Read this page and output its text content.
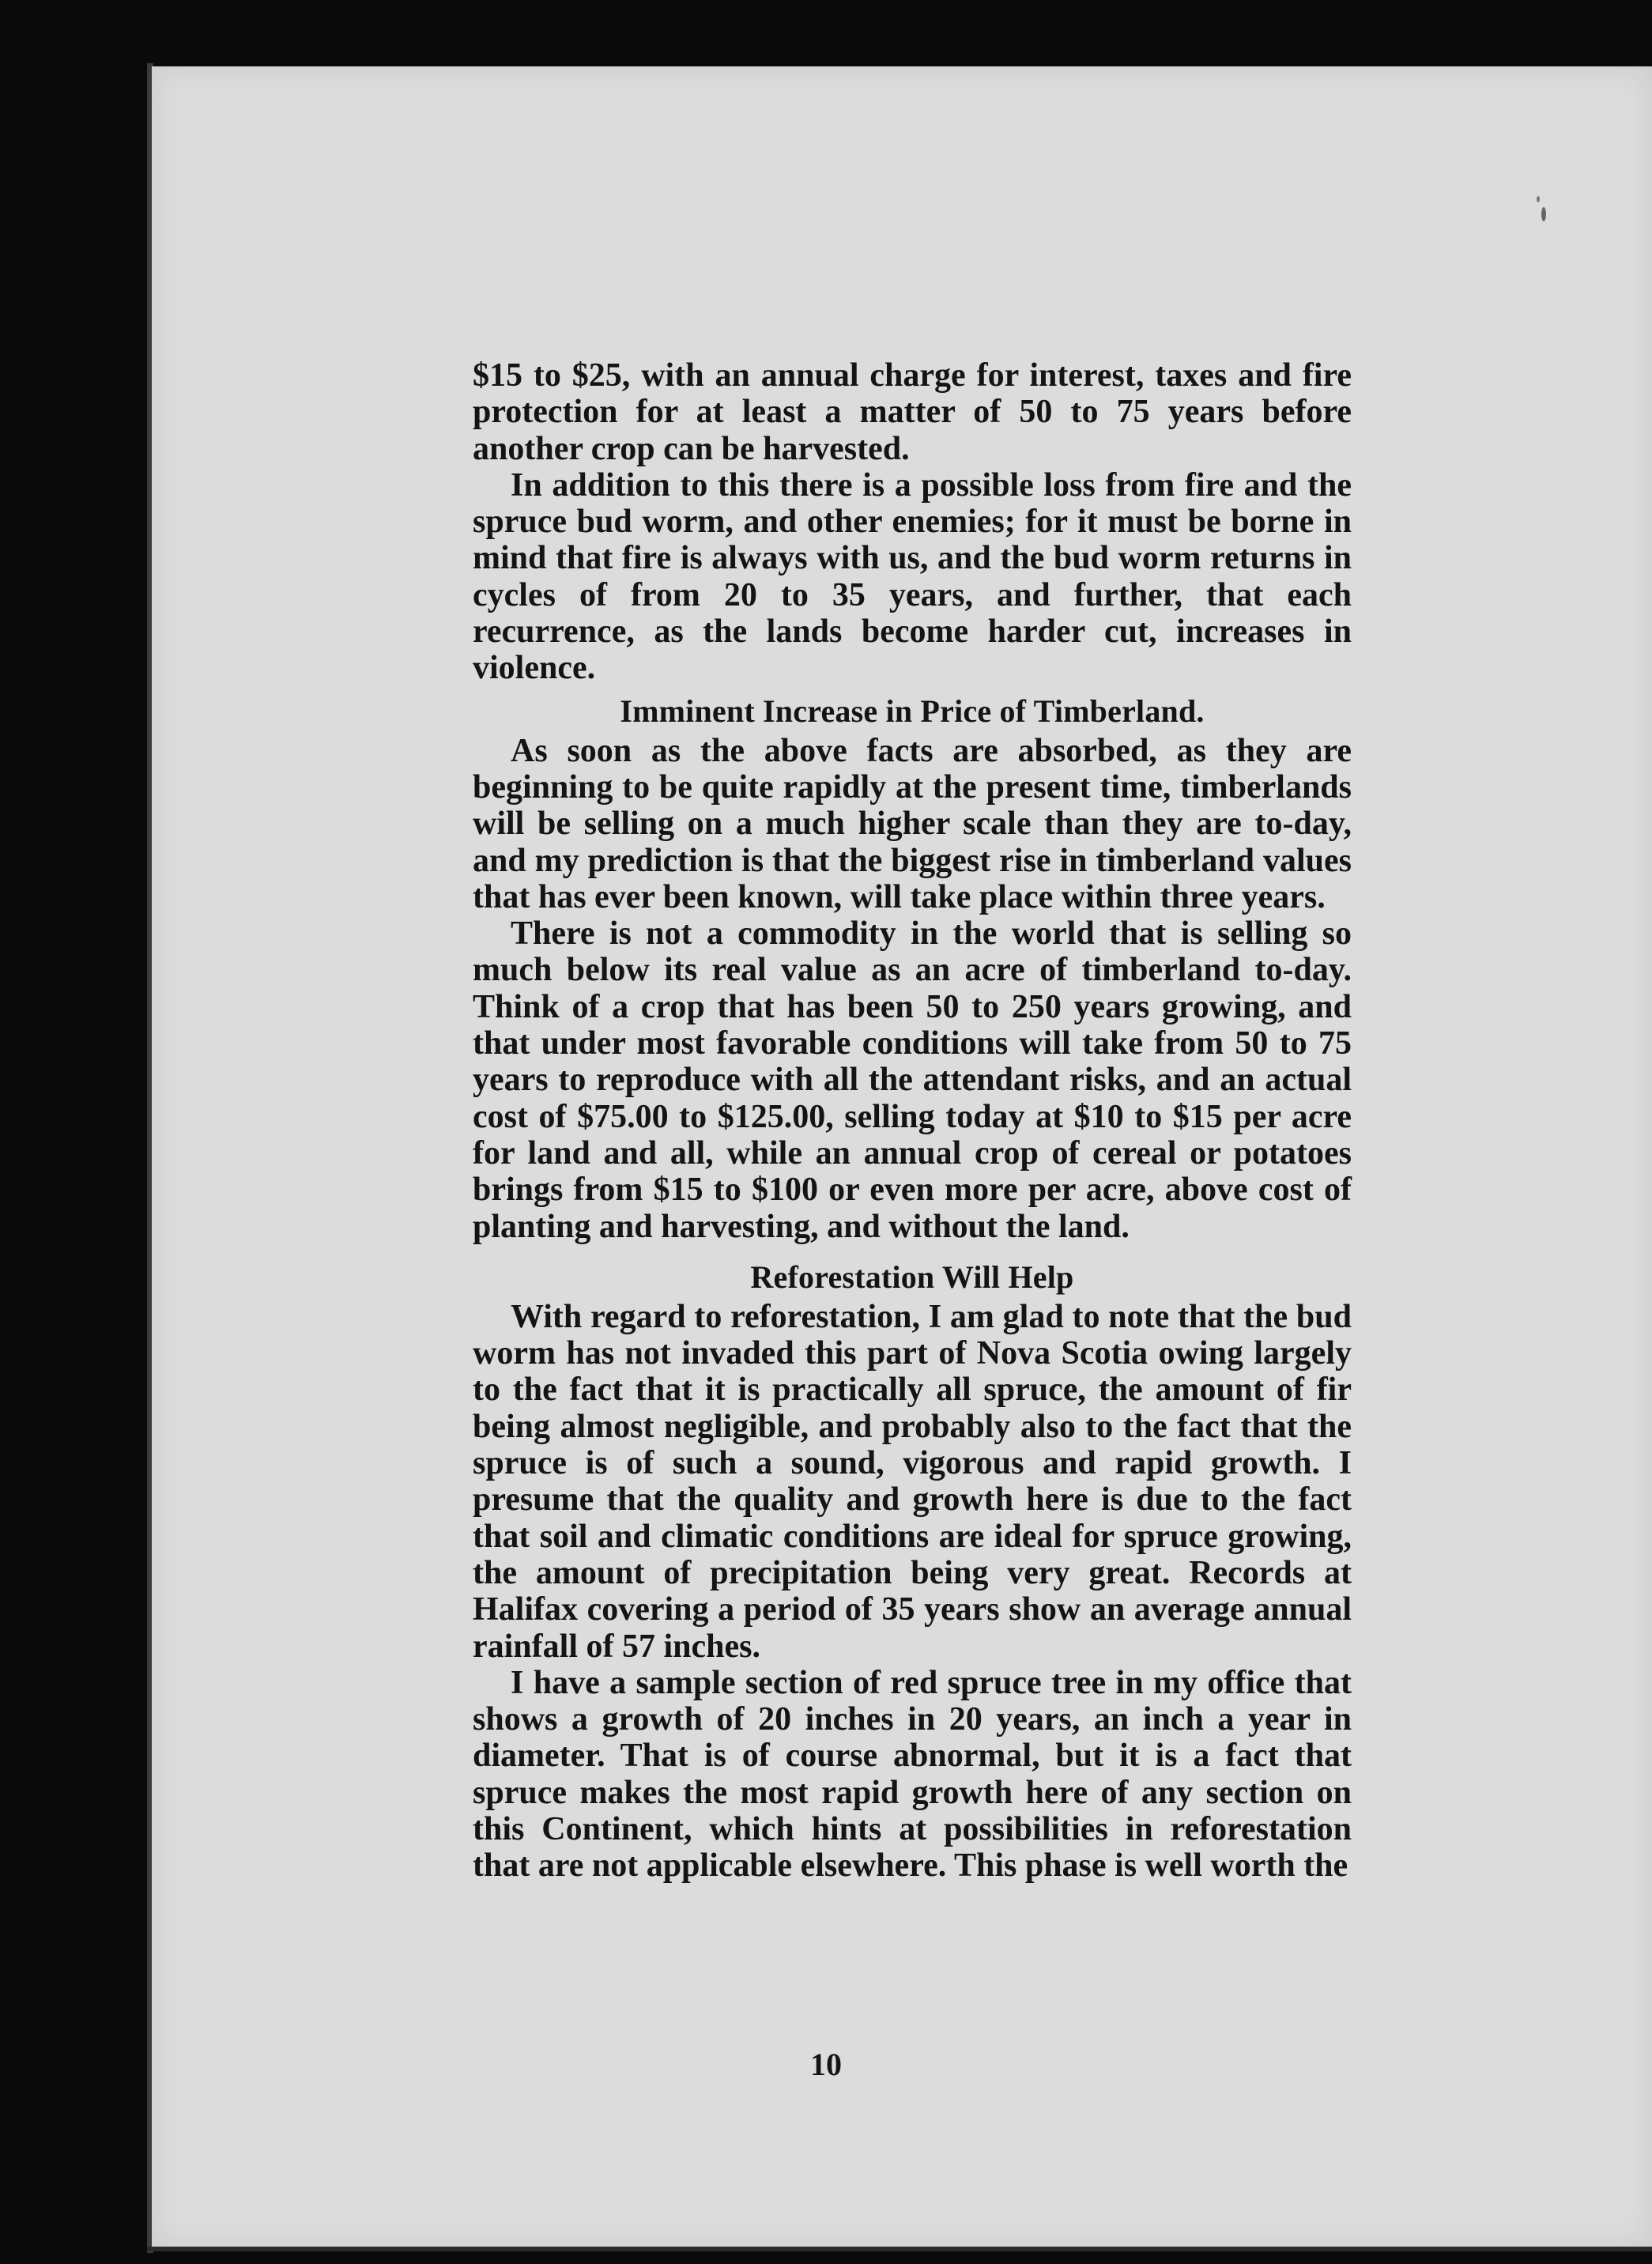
$15 to $25, with an annual charge for interest, taxes and fire protection for at least a matter of 50 to 75 years before another crop can be harvested.

In addition to this there is a possible loss from fire and the spruce bud worm, and other enemies; for it must be borne in mind that fire is always with us, and the bud worm returns in cycles of from 20 to 35 years, and further, that each recurrence, as the lands become harder cut, increases in violence.

Imminent Increase in Price of Timberland.

As soon as the above facts are absorbed, as they are beginning to be quite rapidly at the present time, timberlands will be selling on a much higher scale than they are to-day, and my prediction is that the biggest rise in timberland values that has ever been known, will take place within three years.

There is not a commodity in the world that is selling so much below its real value as an acre of timberland to-day. Think of a crop that has been 50 to 250 years growing, and that under most favorable conditions will take from 50 to 75 years to reproduce with all the attendant risks, and an actual cost of $75.00 to $125.00, selling today at $10 to $15 per acre for land and all, while an annual crop of cereal or potatoes brings from $15 to $100 or even more per acre, above cost of planting and harvesting, and without the land.

Reforestation Will Help

With regard to reforestation, I am glad to note that the bud worm has not invaded this part of Nova Scotia owing largely to the fact that it is practically all spruce, the amount of fir being almost negligible, and probably also to the fact that the spruce is of such a sound, vigorous and rapid growth. I presume that the quality and growth here is due to the fact that soil and climatic conditions are ideal for spruce growing, the amount of precipitation being very great. Records at Halifax covering a period of 35 years show an average annual rainfall of 57 inches.

I have a sample section of red spruce tree in my office that shows a growth of 20 inches in 20 years, an inch a year in diameter. That is of course abnormal, but it is a fact that spruce makes the most rapid growth here of any section on this Continent, which hints at possibilities in reforestation that are not applicable elsewhere. This phase is well worth the

10
